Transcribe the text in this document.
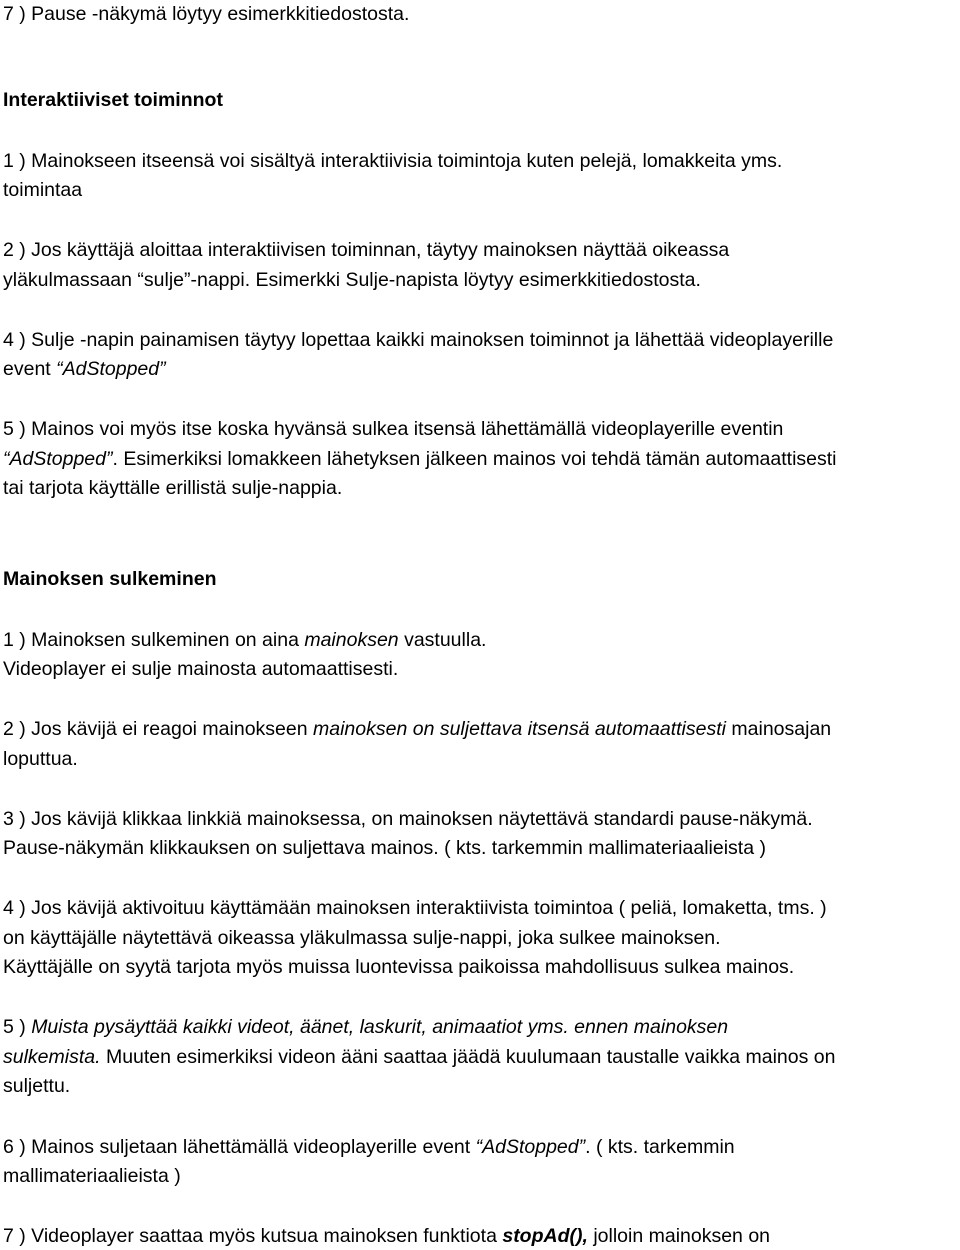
7 ) Pause -näkymä löytyy esimerkkitiedostosta.
Interaktiiviset toiminnot
1 ) Mainokseen itseensä voi sisältyä interaktiivisia toimintoja kuten pelejä, lomakkeita yms.
toimintaa
2 ) Jos käyttäjä aloittaa interaktiivisen toiminnan, täytyy mainoksen näyttää oikeassa
yläkulmassaan “sulje”-nappi. Esimerkki Sulje-napista löytyy esimerkkitiedostosta.
4 ) Sulje -napin painamisen täytyy lopettaa kaikki mainoksen toiminnot ja lähettää videoplayerille
event “AdStopped”
5 ) Mainos voi myös itse koska hyvänsä sulkea itsensä lähettämällä videoplayerille eventin
“AdStopped”. Esimerkiksi lomakkeen lähetyksen jälkeen mainos voi tehdä tämän automaattisesti
tai tarjota käyttälle erillistä sulje-nappia.
Mainoksen sulkeminen
1 ) Mainoksen sulkeminen on aina mainoksen vastuulla.
Videoplayer ei sulje mainosta automaattisesti.
2 ) Jos kävijä ei reagoi mainokseen mainoksen on suljettava itsensä automaattisesti mainosajan
loputtua.
3 ) Jos kävijä klikkaa linkkiä mainoksessa, on mainoksen näytettävä standardi pause-näkymä.
Pause-näkymän klikkauksen on suljettava mainos. ( kts. tarkemmin mallimateriaalieista )
4 ) Jos kävijä aktivoituu käyttämään mainoksen interaktiivista toimintoa ( peliä, lomaketta, tms. )
on käyttäjälle näytettävä oikeassa yläkulmassa sulje-nappi, joka sulkee mainoksen.
Käyttäjälle on syytä tarjota myös muissa luontevissa paikoissa mahdollisuus sulkea mainos.
5 ) Muista pysäyttää kaikki videot, äänet, laskurit, animaatiot yms. ennen mainoksen
sulkemista. Muuten esimerkiksi videon ääni saattaa jäädä kuulumaan taustalle vaikka mainos on
suljettu.
6 ) Mainos suljetaan lähettämällä videoplayerille event “AdStopped”. ( kts. tarkemmin
mallimateriaalieista )
7 ) Videoplayer saattaa myös kutsua mainoksen funktiota stopAd(), jolloin mainoksen on
